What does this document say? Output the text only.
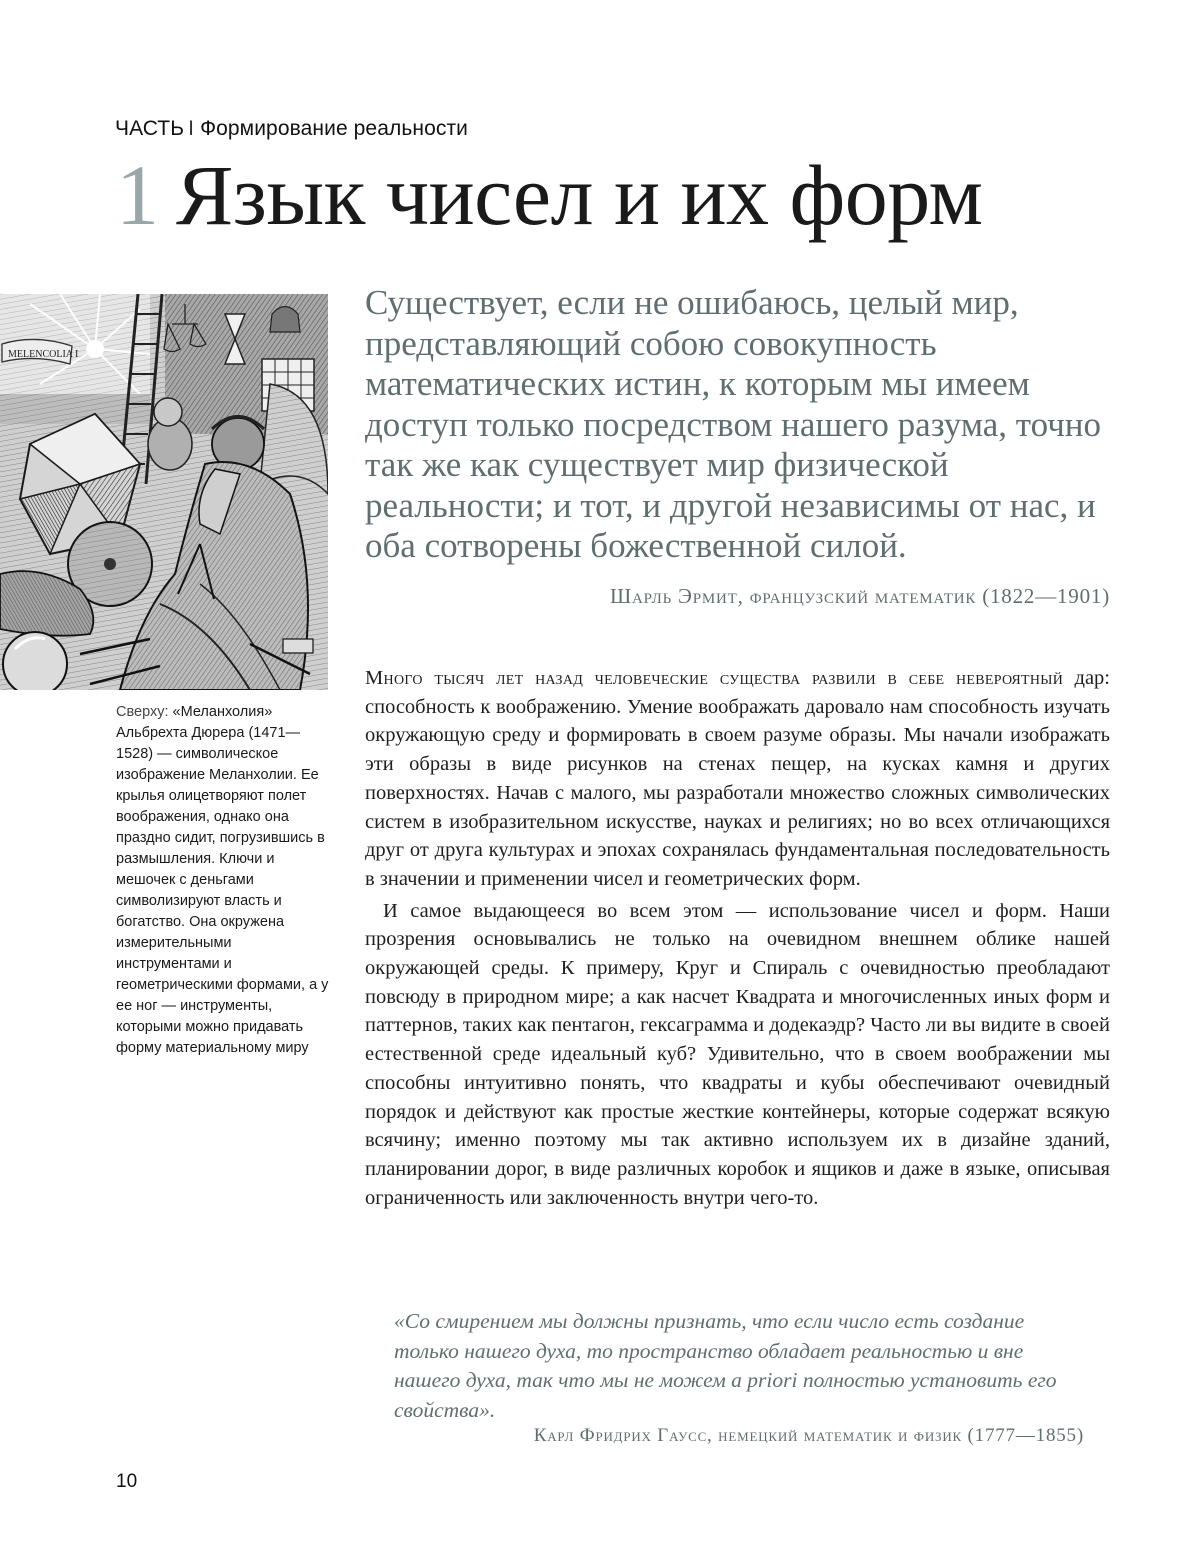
ЧАСТЬ I Формирование реальности
1 Язык чисел и их форм
MELENCOLIA I
Сверху: «Меланхолия» Альбрехта Дюрера (1471—1528) — символическое изображение Меланхолии. Ее крылья олицетворяют полет воображения, однако она праздно сидит, погрузившись в размышления. Ключи и мешочек с деньгами символизируют власть и богатство. Она окружена измерительными инструментами и геометрическими формами, а у ее ног — инструменты, которыми можно придавать форму материальному миру
Существует, если не ошибаюсь, целый мир, представляющий собою совокупность математических истин, к которым мы имеем доступ только посредством нашего разума, точно так же как существует мир физической реальности; и тот, и другой независимы от нас, и оба сотворены божественной силой.
Шарль Эрмит, французский математик (1822—1901)

Много тысяч лет назад человеческие существа развили в себе невероятный дар: способность к воображению. Умение воображать даровало нам способность изучать окружающую среду и формировать в своем разуме образы. Мы начали изображать эти образы в виде рисунков на стенах пещер, на кусках камня и других поверхностях. Начав с малого, мы разработали множество сложных символических систем в изобразительном искусстве, науках и религиях; но во всех отличающихся друг от друга культурах и эпохах сохранялась фундаментальная последовательность в значении и применении чисел и геометрических форм.

И самое выдающееся во всем этом — использование чисел и форм. Наши прозрения основывались не только на очевидном внешнем облике нашей окружающей среды. К примеру, Круг и Спираль с очевидностью преобладают повсюду в природном мире; а как насчет Квадрата и многочисленных иных форм и паттернов, таких как пентагон, гексаграмма и додекаэдр? Часто ли вы видите в своей естественной среде идеальный куб? Удивительно, что в своем воображении мы способны интуитивно понять, что квадраты и кубы обеспечивают очевидный порядок и действуют как простые жесткие контейнеры, которые содержат всякую всячину; именно поэтому мы так активно используем их в дизайне зданий, планировании дорог, в виде различных коробок и ящиков и даже в языке, описывая ограниченность или заключенность внутри чего-то.

«Со смирением мы должны признать, что если число есть создание только нашего духа, то пространство обладает реальностью и вне нашего духа, так что мы не можем a priori полностью установить его свойства».
Карл Фридрих Гаусс, немецкий математик и физик (1777—1855)
10
